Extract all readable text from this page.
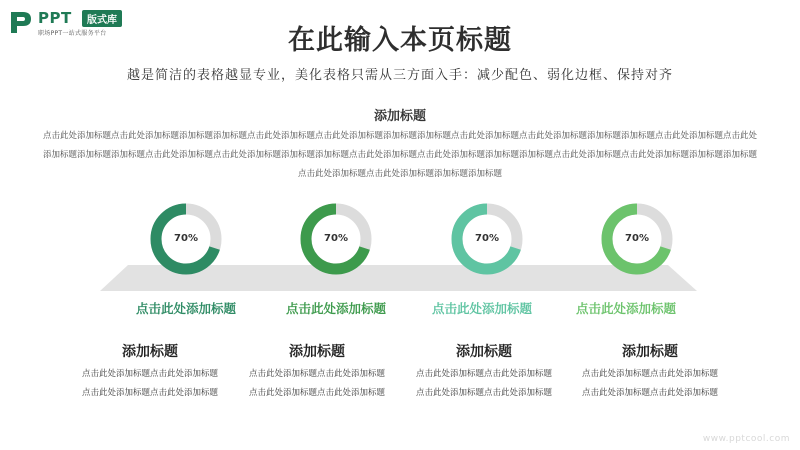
PPT	版式库
职场PPT一站式服务平台	在此输入本页标题
越是简洁的表格越显专业，美化表格只需从三方面入手：减少配色、弱化边框、保持对齐
添加标题
点击此处添加标题点击此处添加标题添加标题添加标题点击此处添加标题点击此处添加标题添加标题添加标题点击此处添加标题点击此处添加标题添加标题添加标题点击此处添加标题点击此处添加标题添加标题添加标题点击此处添加标题点击此处添加标题添加标题添加标题点击此处添加标题点击此处添加标题添加标题添加标题点击此处添加标题点击此处添加标题添加标题添加标题点击此处添加标题点击此处添加标题添加标题添加标题
70%
点击此处添加标题
添加标题
点击此处添加标题点击此处添加标题点击此处添加标题点击此处添加标题
70%
点击此处添加标题
添加标题
点击此处添加标题点击此处添加标题点击此处添加标题点击此处添加标题
70%
点击此处添加标题
添加标题
点击此处添加标题点击此处添加标题点击此处添加标题点击此处添加标题
70%
点击此处添加标题
添加标题
点击此处添加标题点击此处添加标题点击此处添加标题点击此处添加标题
www.pptcool.com
